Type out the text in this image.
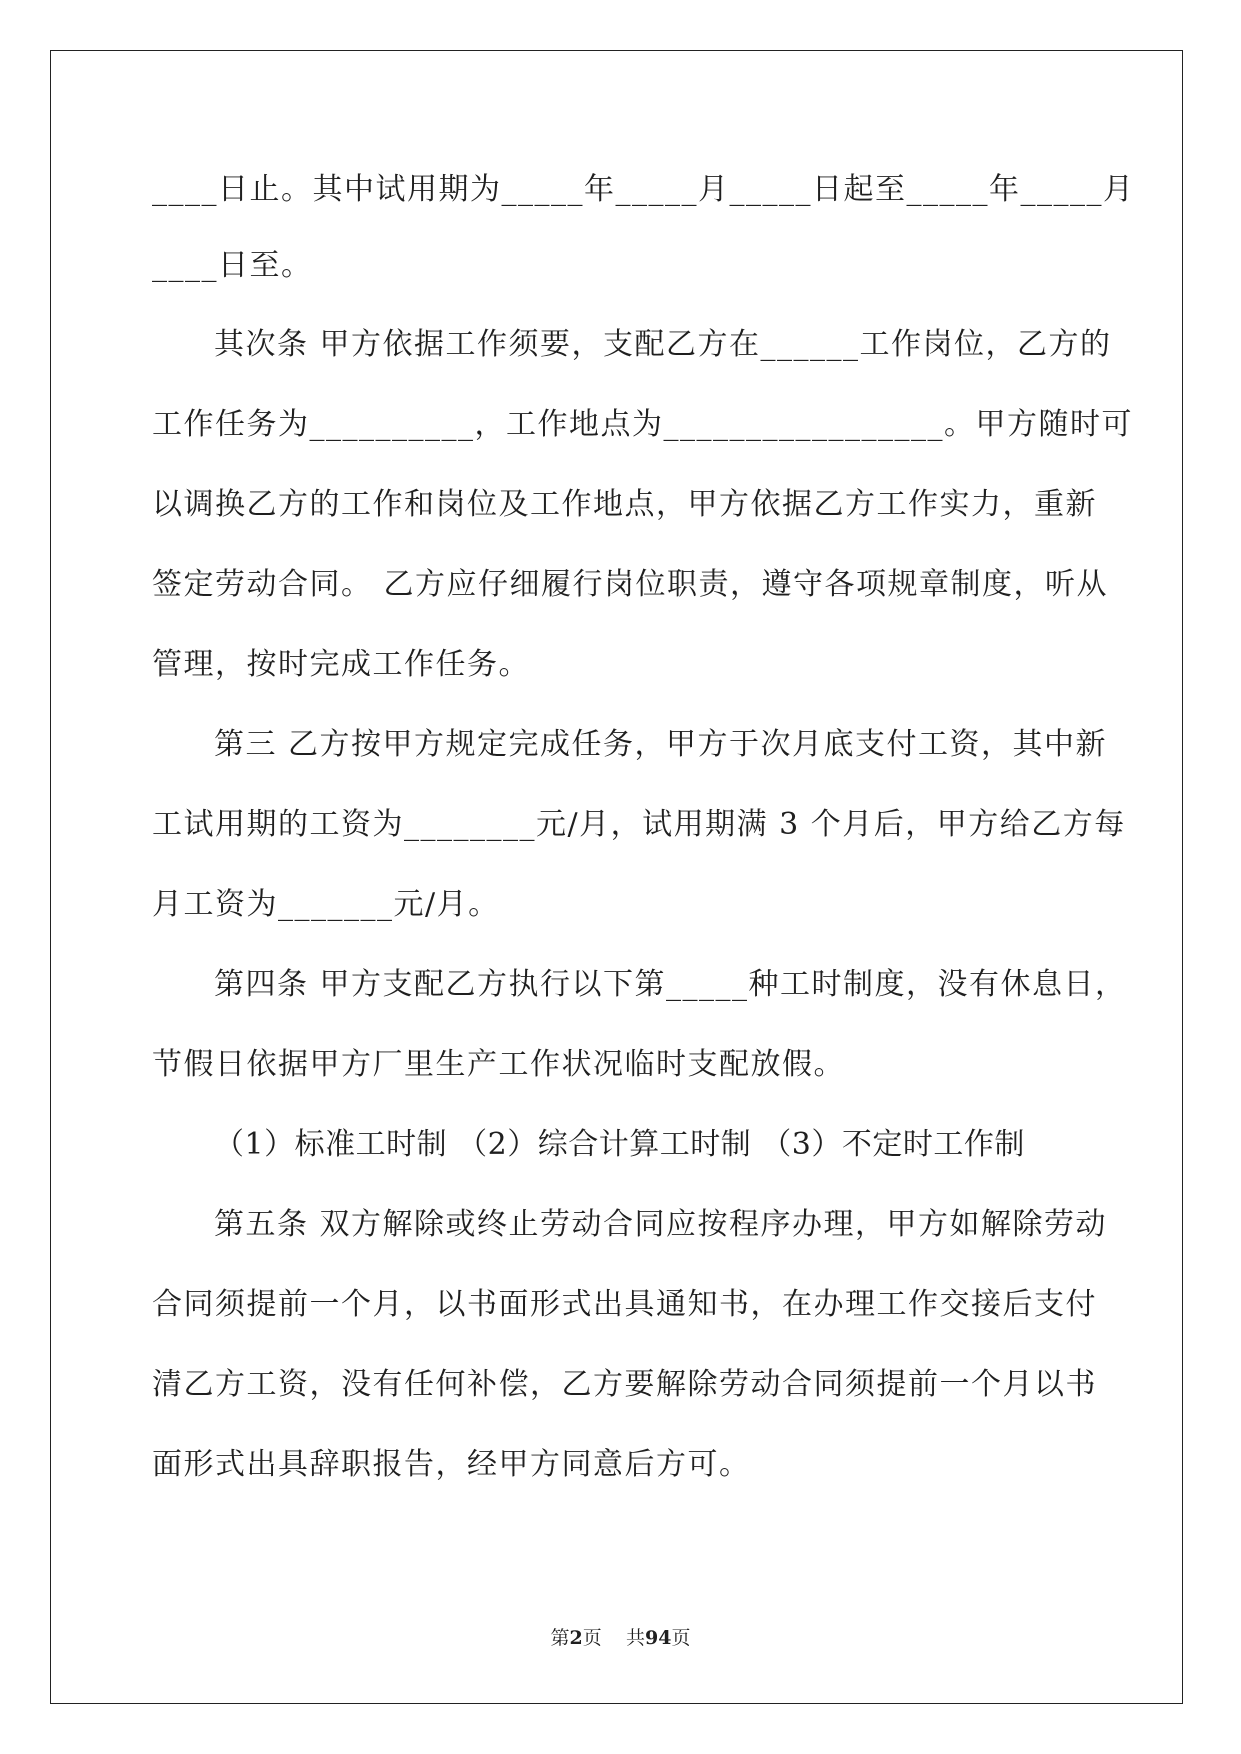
____日止。其中试用期为_____年_____月_____日起至_____年_____月

____日至。

其次条 甲方依据工作须要，支配乙方在______工作岗位，乙方的

工作任务为__________，工作地点为_________________。甲方随时可

以调换乙方的工作和岗位及工作地点，甲方依据乙方工作实力，重新

签定劳动合同。 乙方应仔细履行岗位职责，遵守各项规章制度，听从

管理，按时完成工作任务。

第三 乙方按甲方规定完成任务，甲方于次月底支付工资，其中新

工试用期的工资为________元/月，试用期满 3 个月后，甲方给乙方每

月工资为_______元/月。

第四条 甲方支配乙方执行以下第_____种工时制度，没有休息日，

节假日依据甲方厂里生产工作状况临时支配放假。

（1）标准工时制 （2）综合计算工时制 （3）不定时工作制

第五条 双方解除或终止劳动合同应按程序办理，甲方如解除劳动

合同须提前一个月，以书面形式出具通知书，在办理工作交接后支付

清乙方工资，没有任何补偿，乙方要解除劳动合同须提前一个月以书

面形式出具辞职报告，经甲方同意后方可。

第2页 共94页
